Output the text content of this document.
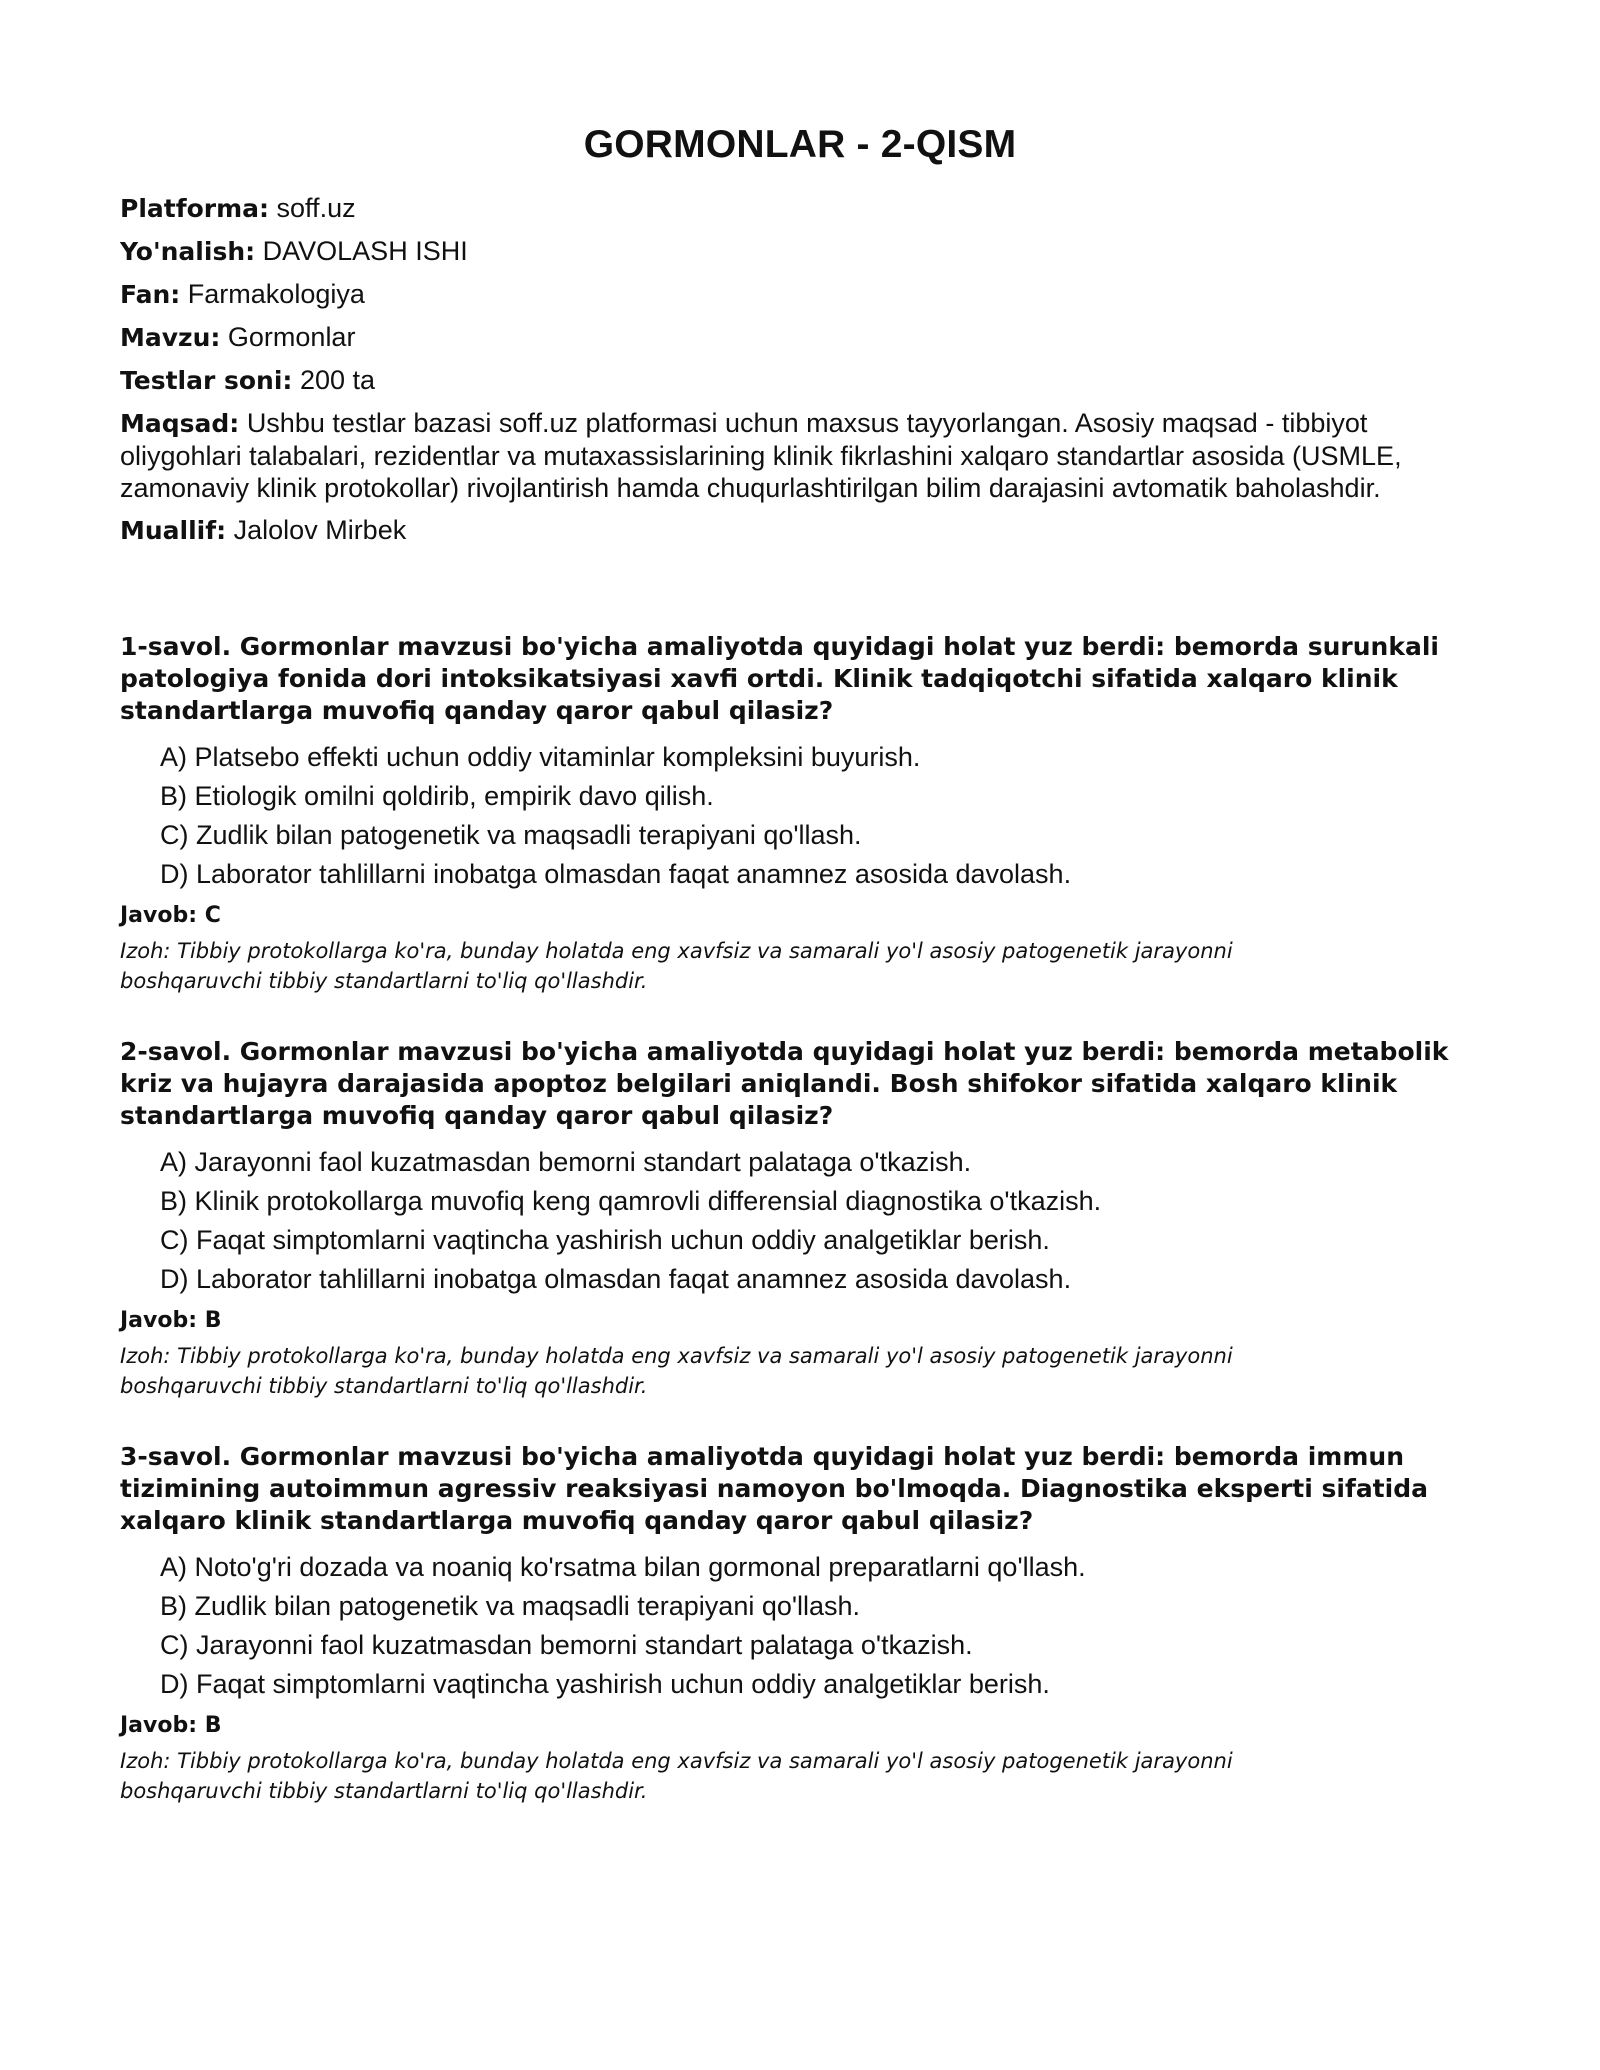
GORMONLAR - 2-QISM
Platforma: soff.uz
Yo'nalish: DAVOLASH ISHI
Fan: Farmakologiya
Mavzu: Gormonlar
Testlar soni: 200 ta
Maqsad: Ushbu testlar bazasi soff.uz platformasi uchun maxsus tayyorlangan. Asosiy maqsad - tibbiyot oliygohlari talabalari, rezidentlar va mutaxassislarining klinik fikrlashini xalqaro standartlar asosida (USMLE, zamonaviy klinik protokollar) rivojlantirish hamda chuqurlashtirilgan bilim darajasini avtomatik baholashdir.
Muallif: Jalolov Mirbek

1-savol. Gormonlar mavzusi bo'yicha amaliyotda quyidagi holat yuz berdi: bemorda surunkali patologiya fonida dori intoksikatsiyasi xavfi ortdi. Klinik tadqiqotchi sifatida xalqaro klinik standartlarga muvofiq qanday qaror qabul qilasiz?

A) Platsebo effekti uchun oddiy vitaminlar kompleksini buyurish.
B) Etiologik omilni qoldirib, empirik davo qilish.
C) Zudlik bilan patogenetik va maqsadli terapiyani qo'llash.
D) Laborator tahlillarni inobatga olmasdan faqat anamnez asosida davolash.
Javob: C

Izoh: Tibbiy protokollarga ko'ra, bunday holatda eng xavfsiz va samarali yo'l asosiy patogenetik jarayonni boshqaruvchi tibbiy standartlarni to'liq qo'llashdir.

2-savol. Gormonlar mavzusi bo'yicha amaliyotda quyidagi holat yuz berdi: bemorda metabolik kriz va hujayra darajasida apoptoz belgilari aniqlandi. Bosh shifokor sifatida xalqaro klinik standartlarga muvofiq qanday qaror qabul qilasiz?

A) Jarayonni faol kuzatmasdan bemorni standart palataga o'tkazish.
B) Klinik protokollarga muvofiq keng qamrovli differensial diagnostika o'tkazish.
C) Faqat simptomlarni vaqtincha yashirish uchun oddiy analgetiklar berish.
D) Laborator tahlillarni inobatga olmasdan faqat anamnez asosida davolash.
Javob: B

Izoh: Tibbiy protokollarga ko'ra, bunday holatda eng xavfsiz va samarali yo'l asosiy patogenetik jarayonni boshqaruvchi tibbiy standartlarni to'liq qo'llashdir.

3-savol. Gormonlar mavzusi bo'yicha amaliyotda quyidagi holat yuz berdi: bemorda immun tizimining autoimmun agressiv reaksiyasi namoyon bo'lmoqda. Diagnostika eksperti sifatida xalqaro klinik standartlarga muvofiq qanday qaror qabul qilasiz?

A) Noto'g'ri dozada va noaniq ko'rsatma bilan gormonal preparatlarni qo'llash.
B) Zudlik bilan patogenetik va maqsadli terapiyani qo'llash.
C) Jarayonni faol kuzatmasdan bemorni standart palataga o'tkazish.
D) Faqat simptomlarni vaqtincha yashirish uchun oddiy analgetiklar berish.
Javob: B

Izoh: Tibbiy protokollarga ko'ra, bunday holatda eng xavfsiz va samarali yo'l asosiy patogenetik jarayonni boshqaruvchi tibbiy standartlarni to'liq qo'llashdir.
